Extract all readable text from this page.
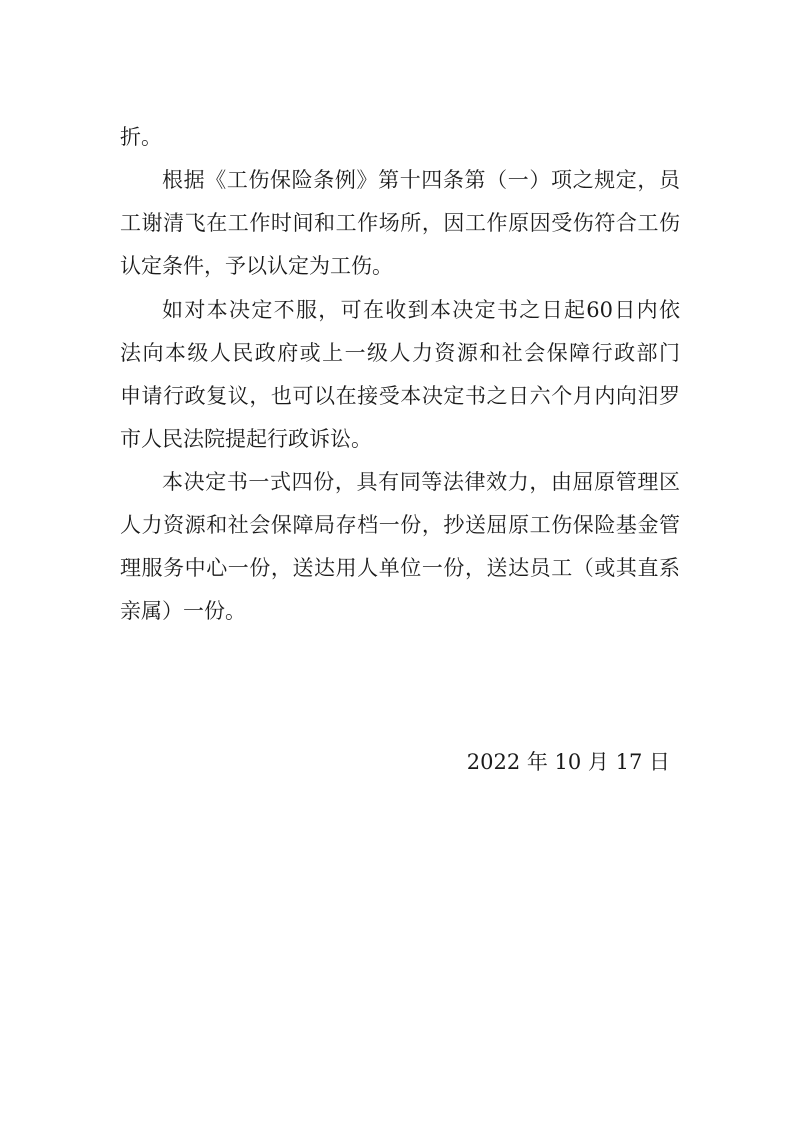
折。
根据《工伤保险条例》第十四条第（一）项之规定，员
工谢清飞在工作时间和工作场所，因工作原因受伤符合工伤
认定条件，予以认定为工伤。
如对本决定不服，可在收到本决定书之日起60日内依
法向本级人民政府或上一级人力资源和社会保障行政部门
申请行政复议，也可以在接受本决定书之日六个月内向汨罗
市人民法院提起行政诉讼。
本决定书一式四份，具有同等法律效力，由屈原管理区
人力资源和社会保障局存档一份，抄送屈原工伤保险基金管
理服务中心一份，送达用人单位一份，送达员工（或其直系
亲属）一份。
2022 年 10 月 17 日
